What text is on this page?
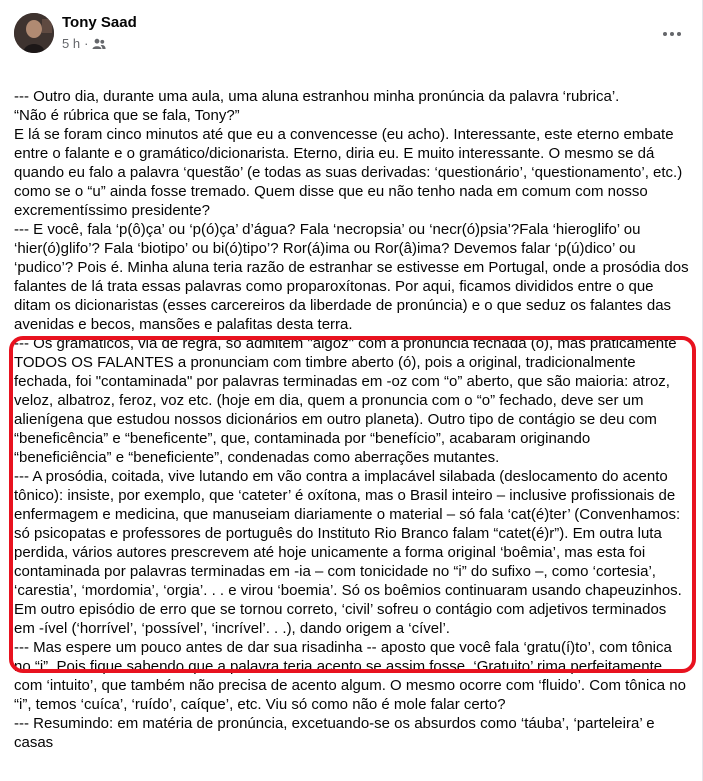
Tony Saad
5 h ·

--- Outro dia, durante uma aula, uma aluna estranhou minha pronúncia da palavra ‘rubrica’.
“Não é rúbrica que se fala, Tony?”
E lá se foram cinco minutos até que eu a convencesse (eu acho). Interessante, este eterno embate entre o falante e o gramático/dicionarista. Eterno, diria eu. E muito interessante. O mesmo se dá quando eu falo a palavra ‘questão’ (e todas as suas derivadas: ‘questionário’, ‘questionamento’, etc.) como se o “u” ainda fosse tremado. Quem disse que eu não tenho nada em comum com nosso excrementíssimo presidente?

--- E você, fala ‘p(ô)ça’ ou ‘p(ó)ça’ d’água? Fala ‘necropsia’ ou ‘necr(ó)psia’?Fala ‘hieroglifo’ ou ‘hier(ó)glifo’? Fala ‘biotipo’ ou bi(ó)tipo’? Ror(á)ima ou Ror(â)ima? Devemos falar ‘p(ú)dico’ ou ‘pudico’? Pois é. Minha aluna teria razão de estranhar se estivesse em Portugal, onde a prosódia dos falantes de lá trata essas palavras como proparoxítonas. Por aqui, ficamos divididos entre o que ditam os dicionaristas (esses carcereiros da liberdade de pronúncia) e o que seduz os falantes das avenidas e becos, mansões e palafitas desta terra.

--- Os gramáticos, via de regra, só admitem "algoz" com a pronúncia fechada (ô), mas praticamente TODOS OS FALANTES a pronunciam com timbre aberto (ó), pois a original, tradicionalmente fechada, foi "contaminada" por palavras terminadas em -oz com “o” aberto, que são maioria: atroz, veloz, albatroz, feroz, voz etc. (hoje em dia, quem a pronuncia com o “o” fechado, deve ser um alienígena que estudou nossos dicionários em outro planeta). Outro tipo de contágio se deu com “beneficência” e “beneficente”, que, contaminada por “benefício”, acabaram originando “beneficiência” e “beneficiente”, condenadas como aberrações mutantes.

--- A prosódia, coitada, vive lutando em vão contra a implacável silabada (deslocamento do acento tônico): insiste, por exemplo, que ‘cateter’ é oxítona, mas o Brasil inteiro – inclusive profissionais de enfermagem e medicina, que manuseiam diariamente o material – só fala ‘cat(é)ter’ (Convenhamos: só psicopatas e professores de português do Instituto Rio Branco falam “catet(é)r”). Em outra luta perdida, vários autores prescrevem até hoje unicamente a forma original ‘boêmia’, mas esta foi contaminada por palavras terminadas em -ia – com tonicidade no “i” do sufixo –, como ‘cortesia’, ‘carestia’, ‘mordomia’, ‘orgia’. . . e virou ‘boemia’. Só os boêmios continuaram usando chapeuzinhos. Em outro episódio de erro que se tornou correto, ‘civil’ sofreu o contágio com adjetivos terminados em -ível (‘horrível’, ‘possível’, ‘incrível’. . .), dando origem a ‘cível’.

--- Mas espere um pouco antes de dar sua risadinha -- aposto que você fala ‘gratu(í)to’, com tônica no “i”. Pois fique sabendo que a palavra teria acento se assim fosse. ‘Gratuito’ rima perfeitamente com ‘intuito’, que também não precisa de acento algum. O mesmo ocorre com ‘fluido’. Com tônica no “i”, temos ‘cuíca’, ‘ruído’, caíque’, etc. Viu só como não é mole falar certo?

--- Resumindo: em matéria de pronúncia, excetuando-se os absurdos como ‘táuba’, ‘parteleira’ e casas
